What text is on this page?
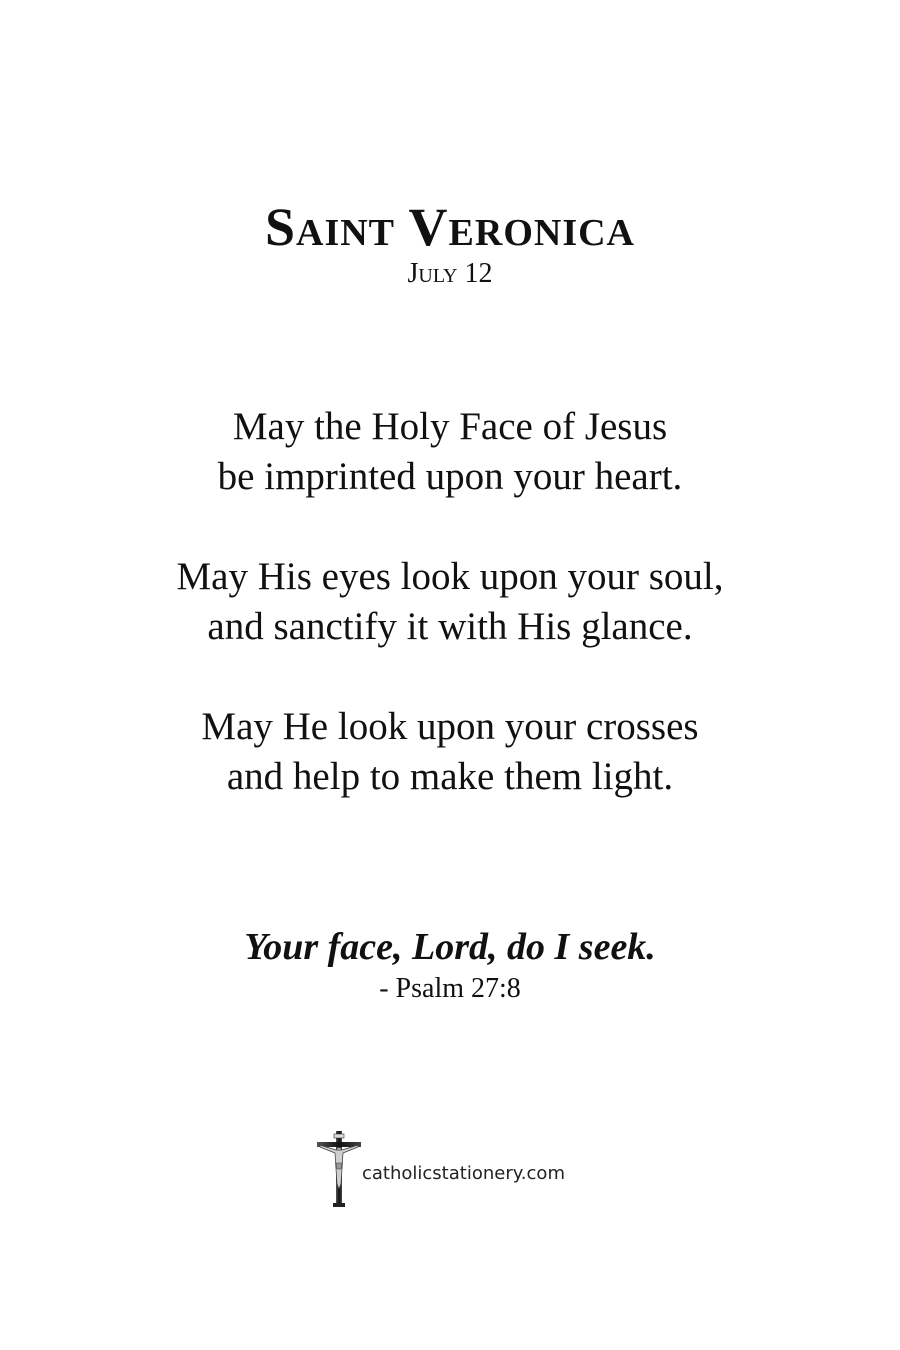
Saint Veronica
July 12
May the Holy Face of Jesus
be imprinted upon your heart.
May His eyes look upon your soul,
and sanctify it with His glance.
May He look upon your crosses
and help to make them light.
Your face, Lord, do I seek.
- Psalm 27:8
catholicstationery.com
